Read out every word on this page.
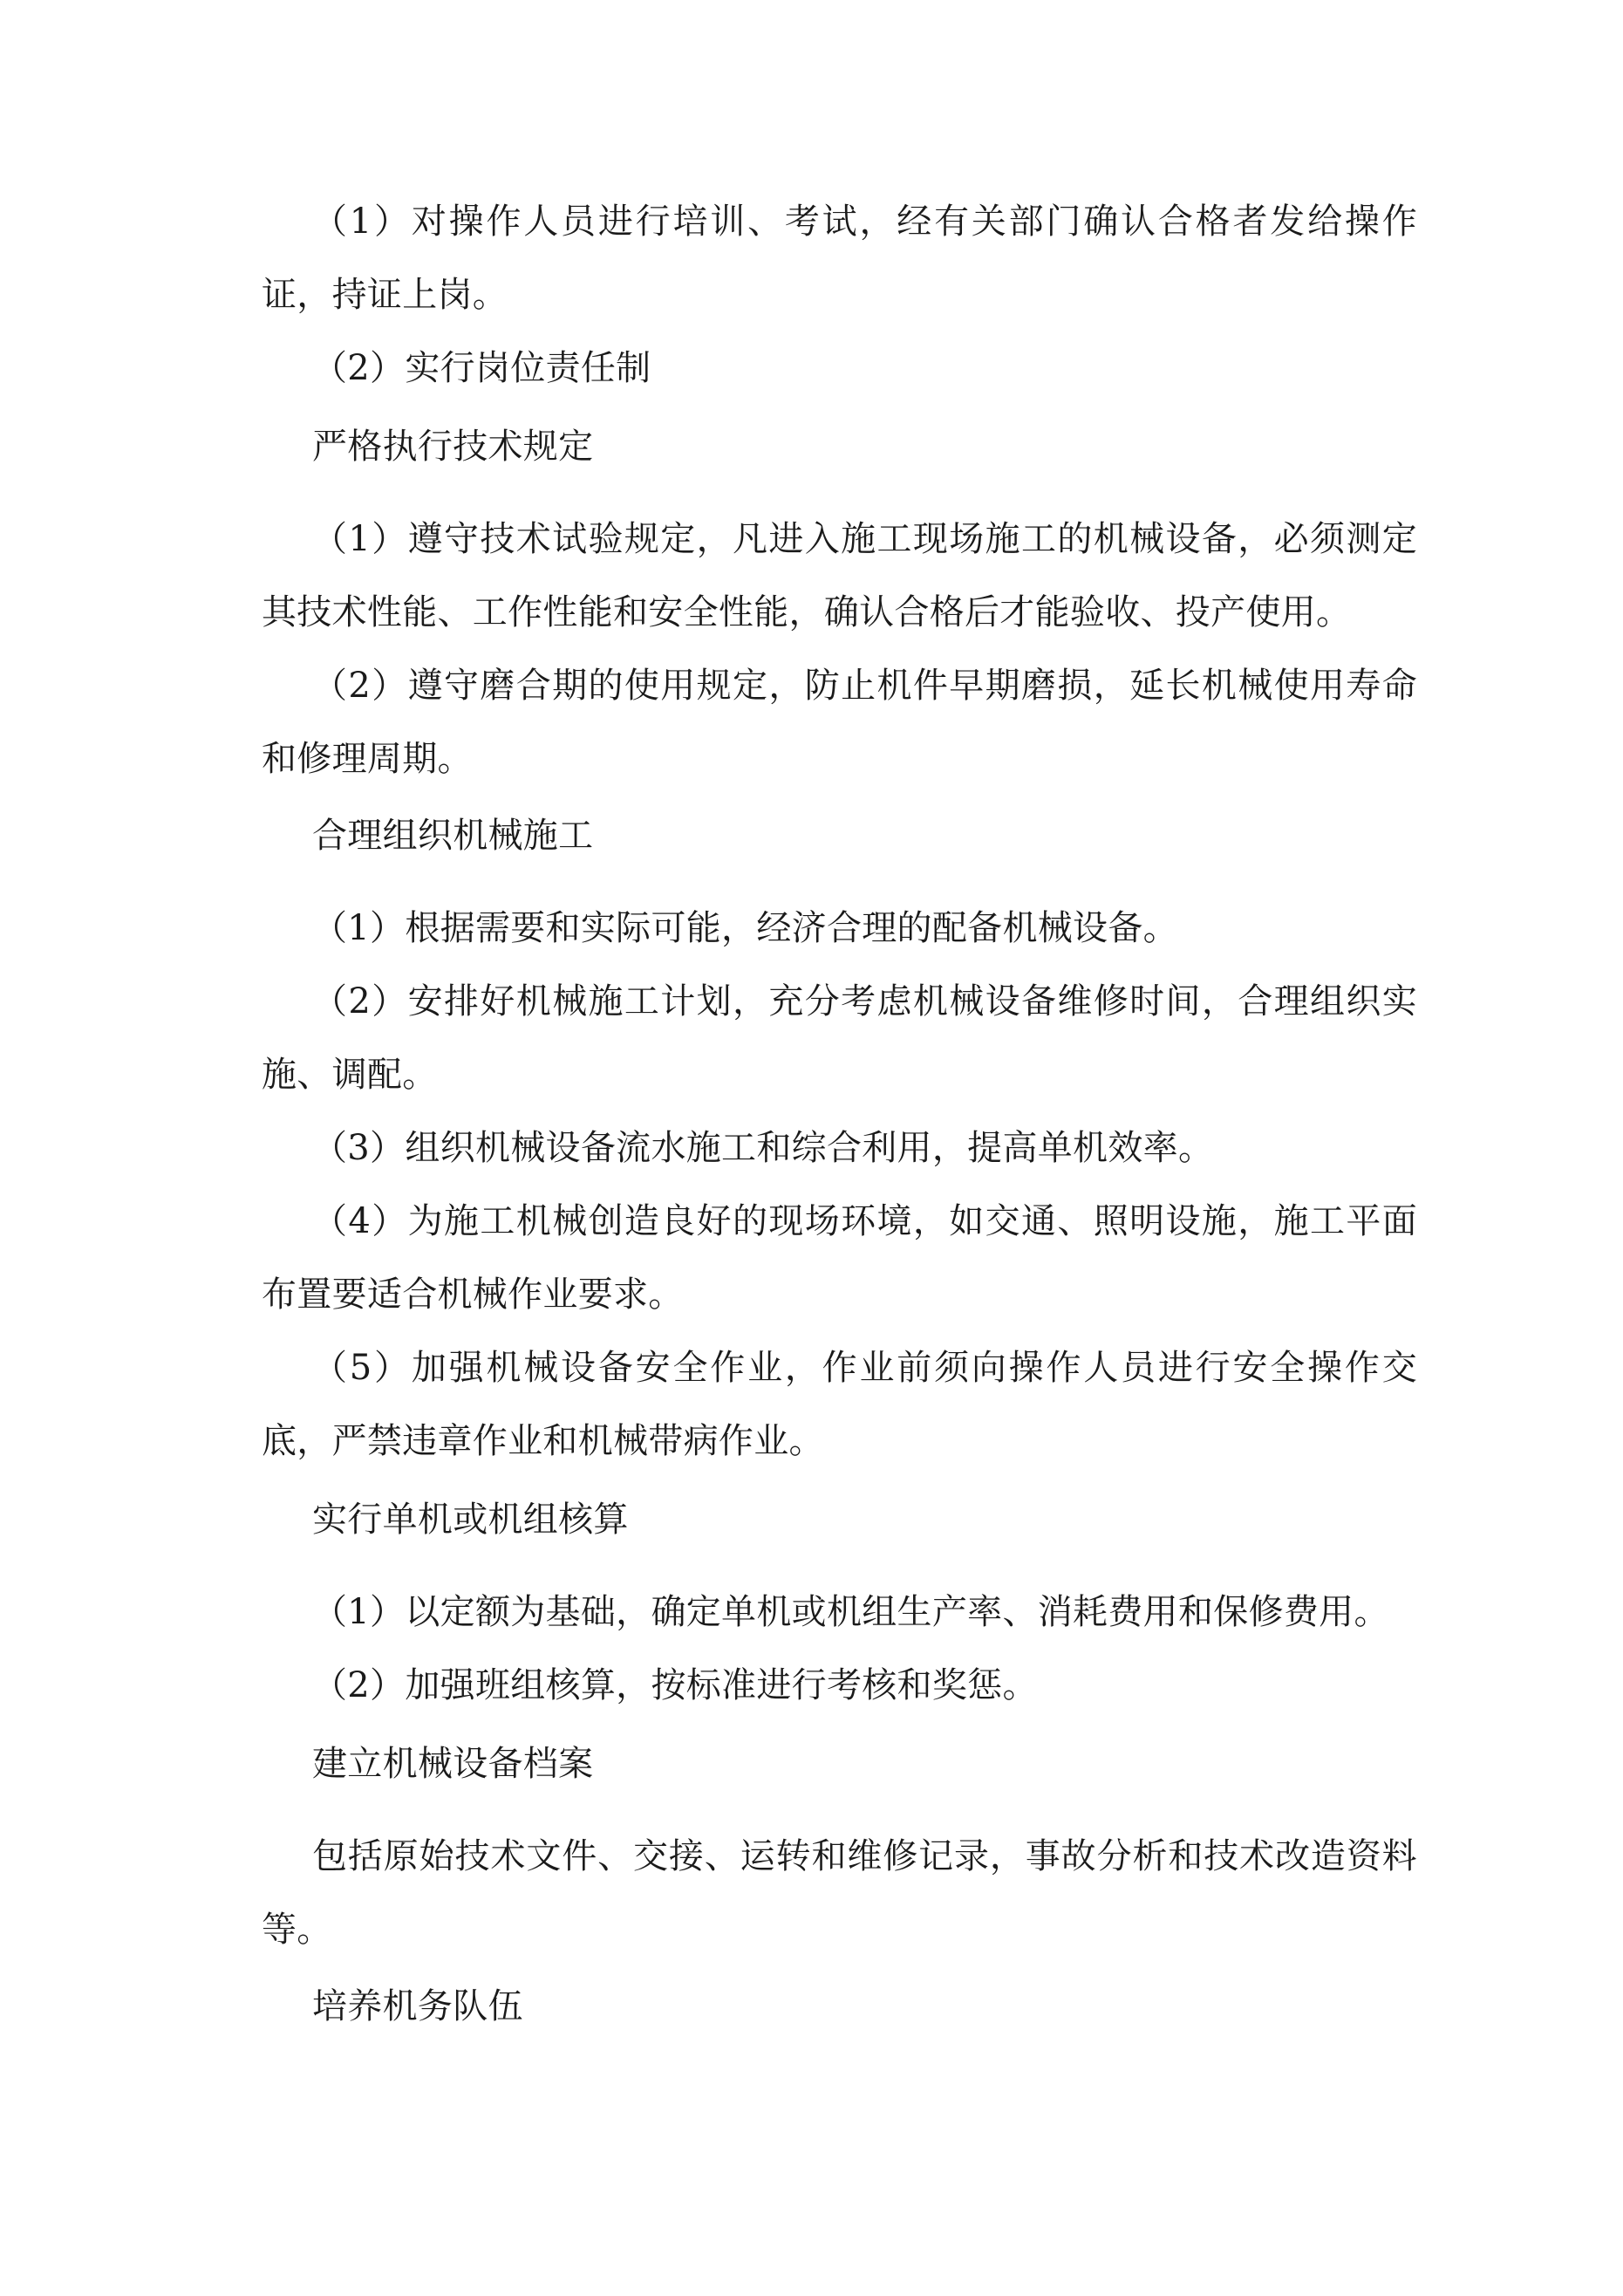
（1）对操作人员进行培训、考试，经有关部门确认合格者发给操作证，持证上岗。

（2）实行岗位责任制

严格执行技术规定

（1）遵守技术试验规定，凡进入施工现场施工的机械设备，必须测定其技术性能、工作性能和安全性能，确认合格后才能验收、投产使用。

（2）遵守磨合期的使用规定，防止机件早期磨损，延长机械使用寿命和修理周期。

合理组织机械施工

（1）根据需要和实际可能，经济合理的配备机械设备。

（2）安排好机械施工计划，充分考虑机械设备维修时间，合理组织实施、调配。

（3）组织机械设备流水施工和综合利用，提高单机效率。

（4）为施工机械创造良好的现场环境，如交通、照明设施，施工平面布置要适合机械作业要求。

（5）加强机械设备安全作业，作业前须向操作人员进行安全操作交底，严禁违章作业和机械带病作业。

实行单机或机组核算

（1）以定额为基础，确定单机或机组生产率、消耗费用和保修费用。

（2）加强班组核算，按标准进行考核和奖惩。

建立机械设备档案

包括原始技术文件、交接、运转和维修记录，事故分析和技术改造资料等。

培养机务队伍
